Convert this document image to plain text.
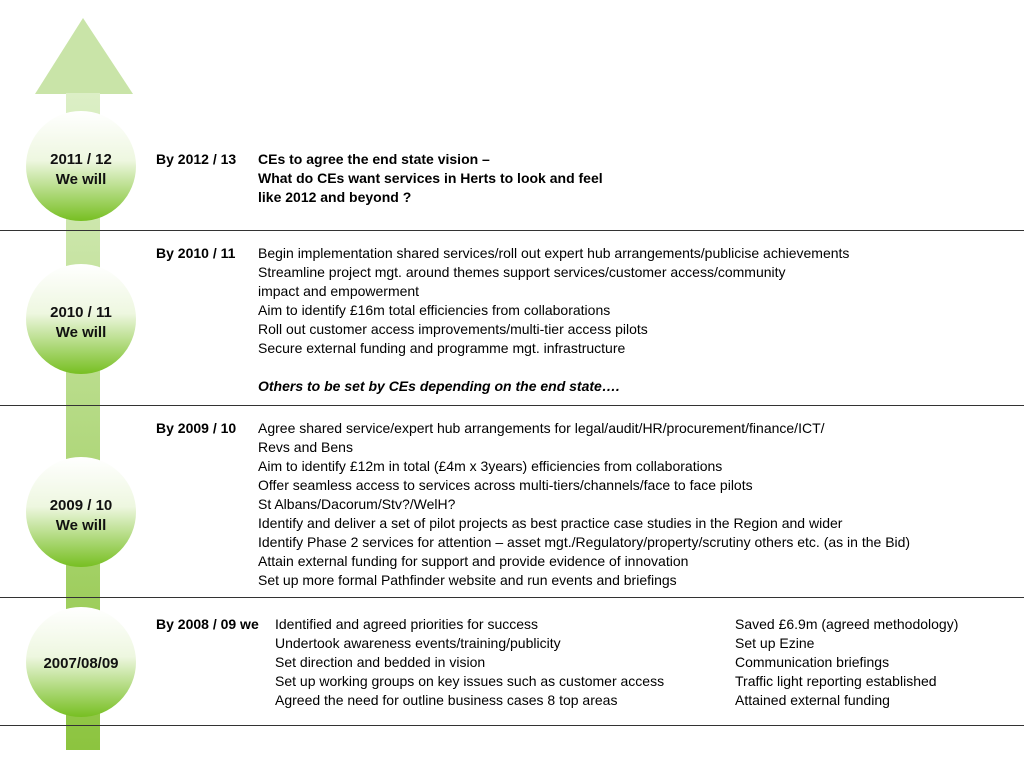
2011 / 12
We will
2010 / 11
We will
2009 / 10
We will
2007/08/09
By 2012 / 13 CEs to agree the end state vision –
What do CEs want services in Herts to look and feel
like 2012 and beyond ?
By 2010 / 11 Begin implementation shared services/roll out expert hub arrangements/publicise achievements
Streamline project mgt. around themes support services/customer access/community
impact and empowerment
Aim to identify £16m total efficiencies from collaborations
Roll out customer access improvements/multi-tier access pilots
Secure external funding and programme mgt. infrastructure
Others to be set by CEs depending on the end state….
By 2009 / 10 Agree shared service/expert hub arrangements for legal/audit/HR/procurement/finance/ICT/
Revs and Bens
Aim to identify £12m in total (£4m x 3years) efficiencies from collaborations
Offer seamless access to services across multi-tiers/channels/face to face pilots
St Albans/Dacorum/Stv?/WelH?
Identify and deliver a set of pilot projects as best practice case studies in the Region and wider
Identify Phase 2 services for attention – asset mgt./Regulatory/property/scrutiny others etc. (as in the Bid)
Attain external funding for support and provide evidence of innovation
Set up more formal Pathfinder website and run events and briefings
By 2008 / 09 we Identified and agreed priorities for success
Undertook awareness events/training/publicity
Set direction and bedded in vision
Set up working groups on key issues such as customer access
Agreed the need for outline business cases 8 top areas
Saved £6.9m (agreed methodology)
Set up Ezine
Communication briefings
Traffic light reporting established
Attained external funding
